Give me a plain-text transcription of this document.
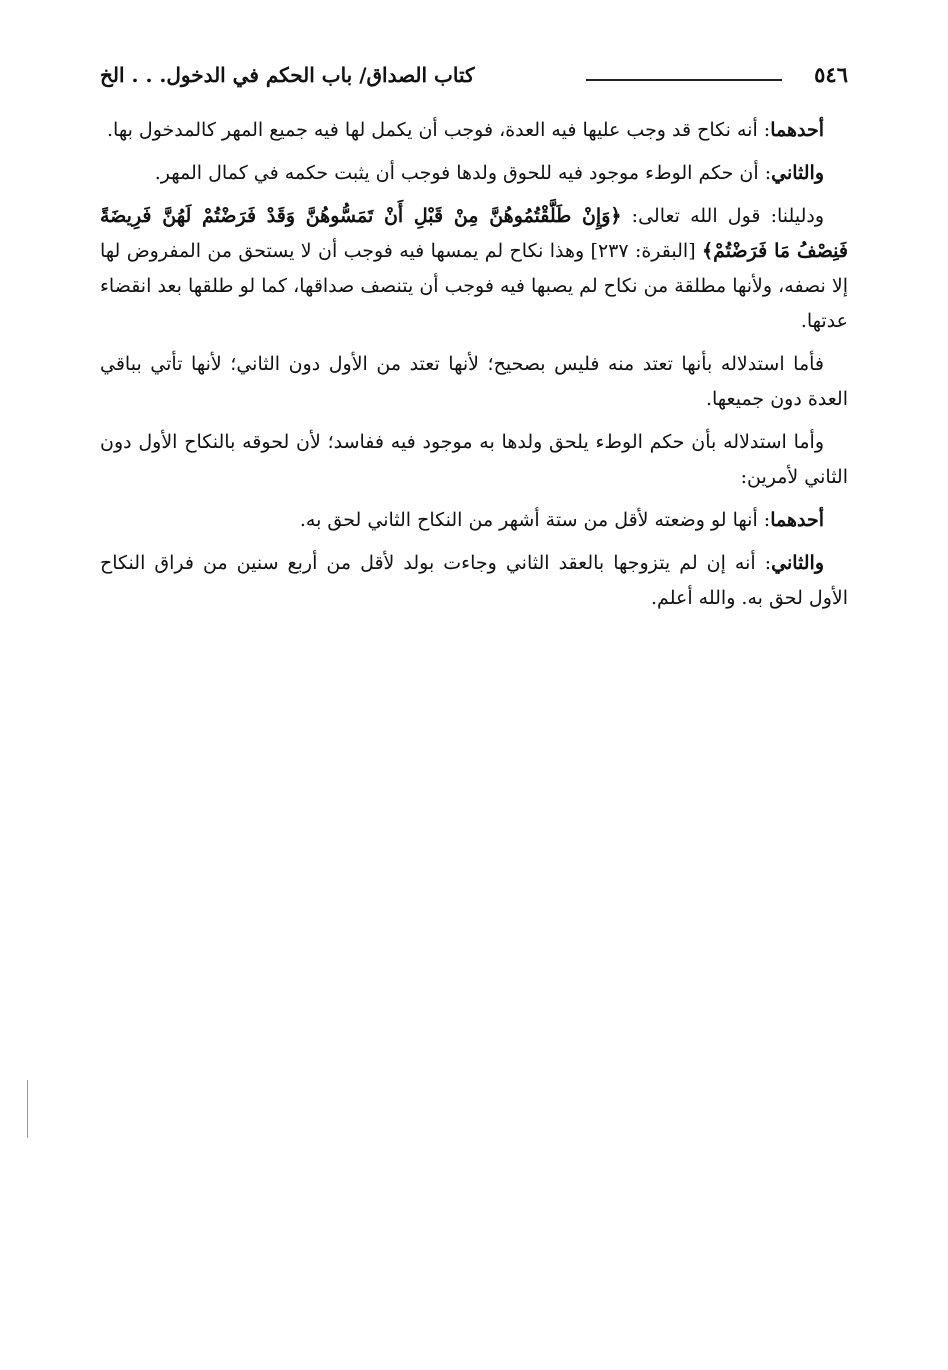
٥٤٦
كتاب الصداق/ باب الحكم في الدخول. . . الخ

أحدهما: أنه نكاح قد وجب عليها فيه العدة، فوجب أن يكمل لها فيه جميع المهر كالمدخول بها.

والثاني: أن حكم الوطء موجود فيه للحوق ولدها فوجب أن يثبت حكمه في كمال المهر.

ودليلنا: قول الله تعالى: ﴿وَإِنْ طَلَّقْتُمُوهُنَّ مِنْ قَبْلِ أَنْ تَمَسُّوهُنَّ وَقَدْ فَرَضْتُمْ لَهُنَّ فَرِيضَةً فَنِصْفُ مَا فَرَضْتُمْ﴾ [البقرة: ٢٣٧] وهذا نكاح لم يمسها فيه فوجب أن لا يستحق من المفروض لها إلا نصفه، ولأنها مطلقة من نكاح لم يصبها فيه فوجب أن يتنصف صداقها، كما لو طلقها بعد انقضاء عدتها.

فأما استدلاله بأنها تعتد منه فليس بصحيح؛ لأنها تعتد من الأول دون الثاني؛ لأنها تأتي بباقي العدة دون جميعها.

وأما استدلاله بأن حكم الوطء يلحق ولدها به موجود فيه ففاسد؛ لأن لحوقه بالنكاح الأول دون الثاني لأمرين:

أحدهما: أنها لو وضعته لأقل من ستة أشهر من النكاح الثاني لحق به.

والثاني: أنه إن لم يتزوجها بالعقد الثاني وجاءت بولد لأقل من أربع سنين من فراق النكاح الأول لحق به. والله أعلم.
